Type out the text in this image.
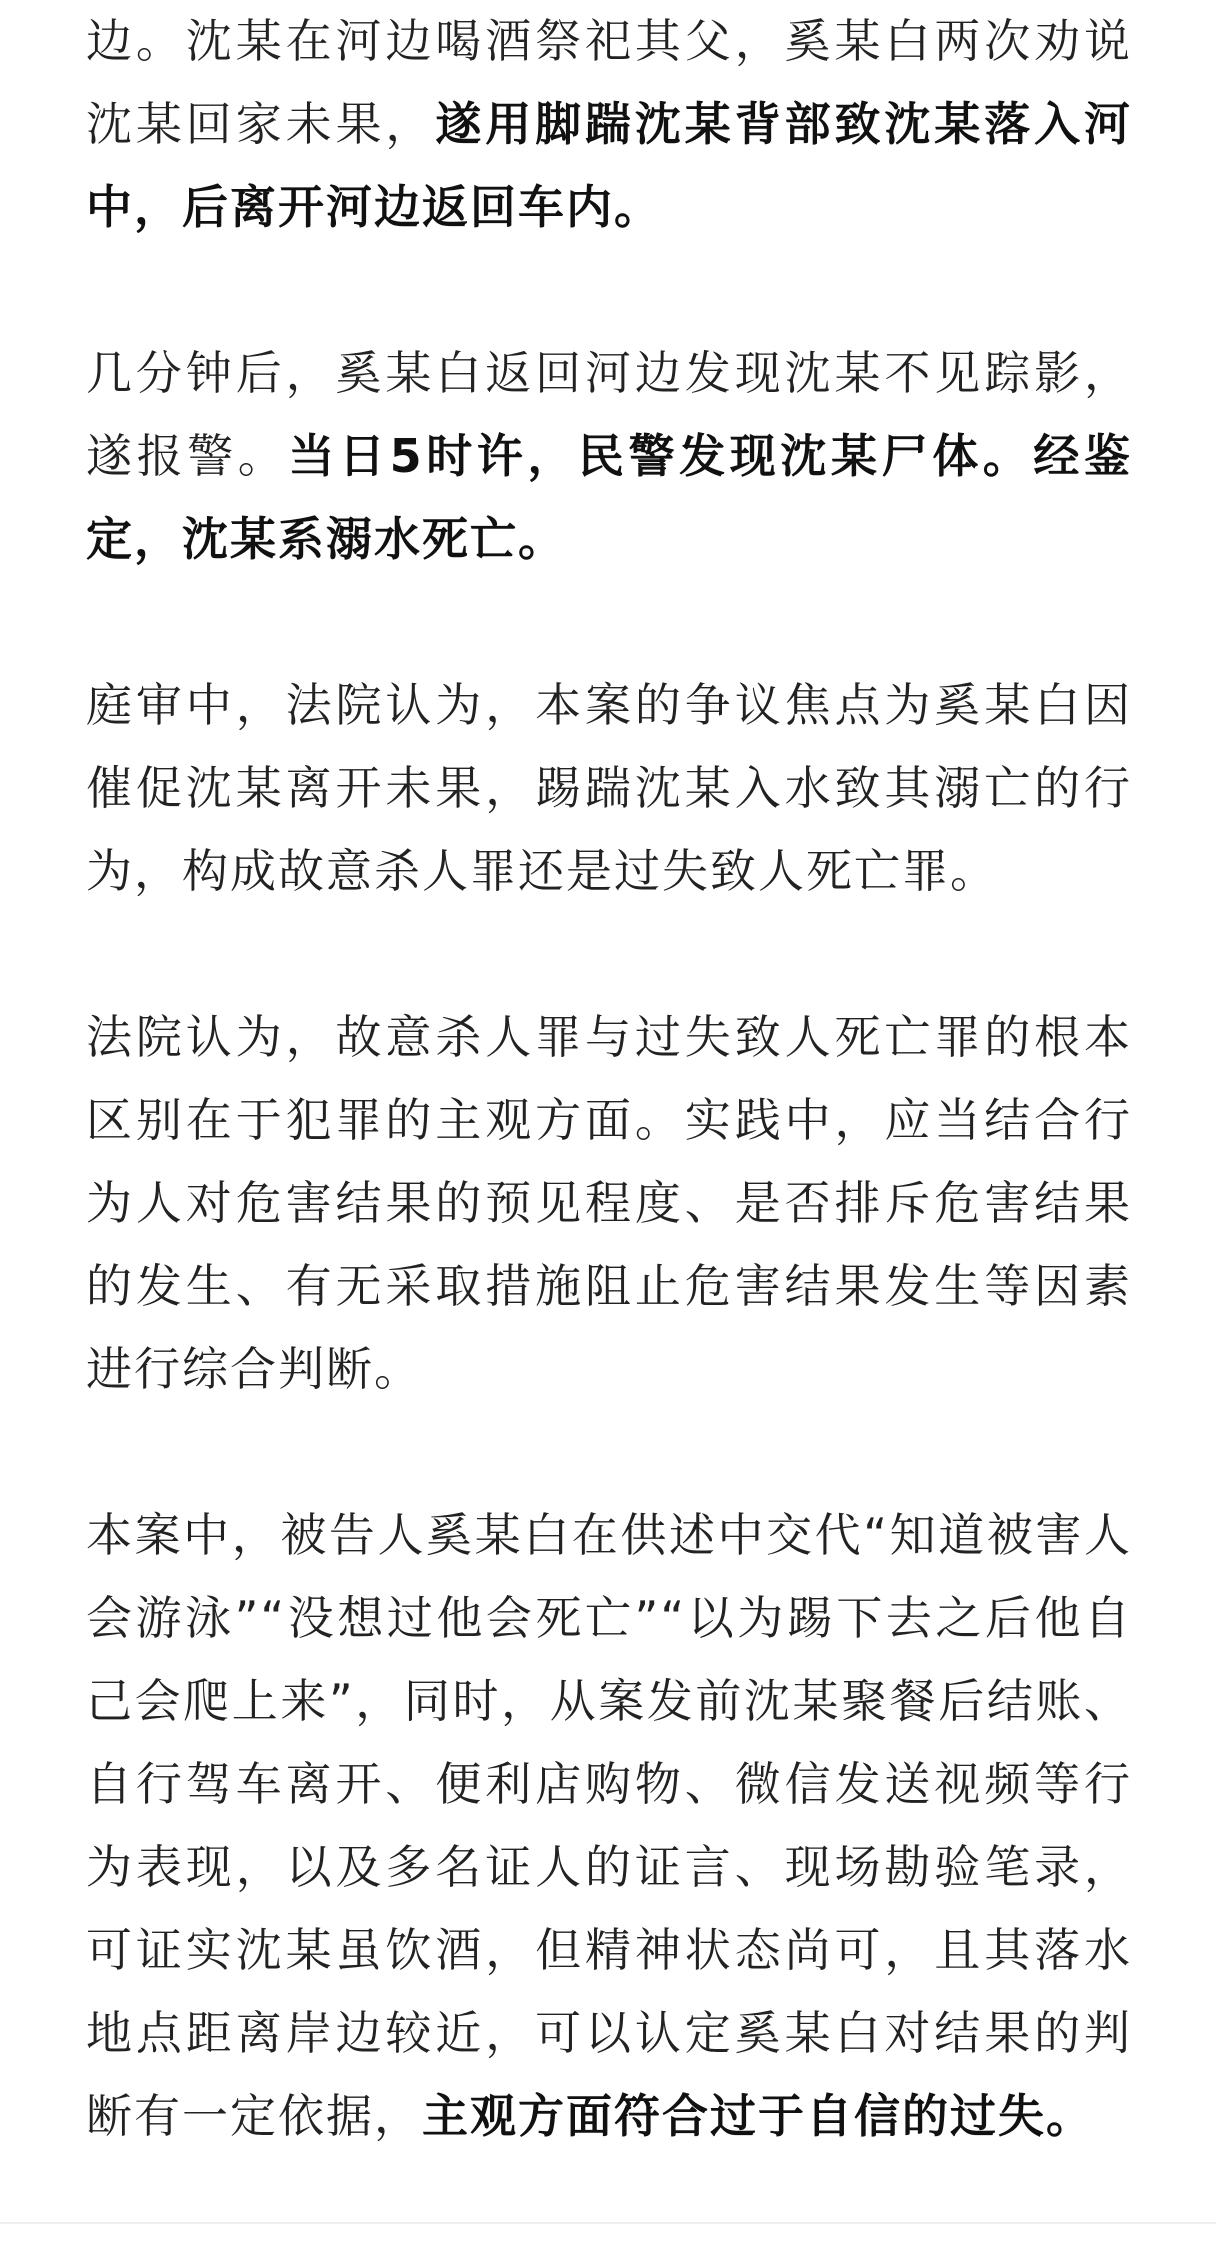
边。沈某在河边喝酒祭祀其父，奚某白两次劝说沈某回家未果，遂用脚踹沈某背部致沈某落入河中，后离开河边返回车内。

几分钟后，奚某白返回河边发现沈某不见踪影，遂报警。当日5时许，民警发现沈某尸体。经鉴定，沈某系溺水死亡。

庭审中，法院认为，本案的争议焦点为奚某白因催促沈某离开未果，踢踹沈某入水致其溺亡的行为，构成故意杀人罪还是过失致人死亡罪。

法院认为，故意杀人罪与过失致人死亡罪的根本区别在于犯罪的主观方面。实践中，应当结合行为人对危害结果的预见程度、是否排斥危害结果的发生、有无采取措施阻止危害结果发生等因素进行综合判断。

本案中，被告人奚某白在供述中交代“知道被害人会游泳”“没想过他会死亡”“以为踢下去之后他自己会爬上来”，同时，从案发前沈某聚餐后结账、自行驾车离开、便利店购物、微信发送视频等行为表现，以及多名证人的证言、现场勘验笔录，可证实沈某虽饮酒，但精神状态尚可，且其落水地点距离岸边较近，可以认定奚某白对结果的判断有一定依据，主观方面符合过于自信的过失。
